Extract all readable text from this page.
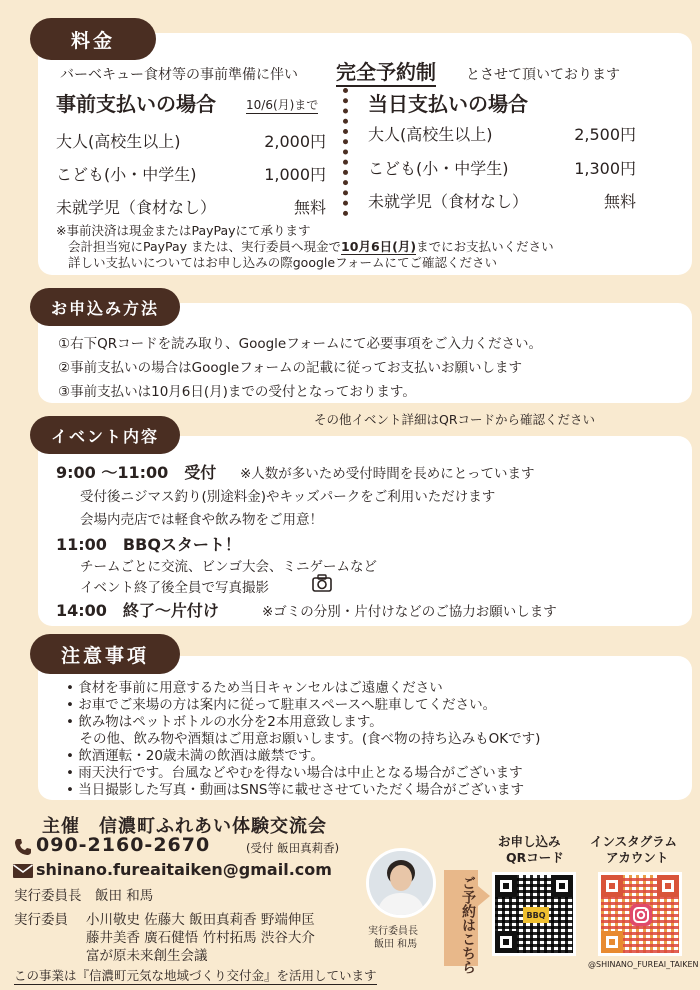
料金
バーベキュー食材等の事前準備に伴い 完全予約制 とさせて頂いております
事前支払いの場合	10/6(月)まで
大人(高校生以上)	2,000円
こども(小・中学生)	1,000円
未就学児（食材なし）	無料
当日支払いの場合
大人(高校生以上)	2,500円
こども(小・中学生)	1,300円
未就学児（食材なし）	無料
※事前決済は現金またはPayPayにて承ります
会計担当宛にPayPay または、実行委員へ現金で10月6日(月)までにお支払いください
詳しい支払いについてはお申し込みの際googleフォームにてご確認ください
お申込み方法
①右下QRコードを読み取り、Googleフォームにて必要事項をご入力ください。
②事前支払いの場合はGoogleフォームの記載に従ってお支払いお願いします
③事前支払いは10月6日(月)までの受付となっております。
その他イベント詳細はQRコードから確認ください
イベント内容
9:00 〜11:00　受付 ※人数が多いため受付時間を長めにとっています
受付後ニジマス釣り(別途料金)やキッズパークをご利用いただけます
会場内売店では軽食や飲み物をご用意！
11:00　BBQスタート！
チームごとに交流、ビンゴ大会、ミニゲームなど
イベント終了後全員で写真撮影
14:00　終了〜片付け	※ゴミの分別・片付けなどのご協力お願いします
注意事項
• 食材を事前に用意するため当日キャンセルはご遠慮ください
• お車でご来場の方は案内に従って駐車スペースへ駐車してください。
• 飲み物はペットボトルの水分を2本用意致します。
　その他、飲み物や酒類はご用意お願いします。(食べ物の持ち込みもOKです)
• 飲酒運転・20歳未満の飲酒は厳禁です。
• 雨天決行です。台風などやむを得ない場合は中止となる場合がございます
• 当日撮影した写真・動画はSNS等に載せさせていただく場合がございます
主催　信濃町ふれあい体験交流会
090-2160-2670	(受付 飯田真莉香)
shinano.fureaitaiken@gmail.com
実行委員長　飯田 和馬
実行委員 小川敬史 佐藤大 飯田真莉香 野端伸匡
藤井美香 廣石健悟 竹村拓馬 渋谷大介
富が原未来創生会議
実行委員長
飯田 和馬	ご予約はこちら
お申し込み
QRコード
インスタグラム
アカウント
BBQ
@SHINANO_FUREAI_TAIKEN
この事業は『信濃町元気な地域づくり交付金』を活用しています
